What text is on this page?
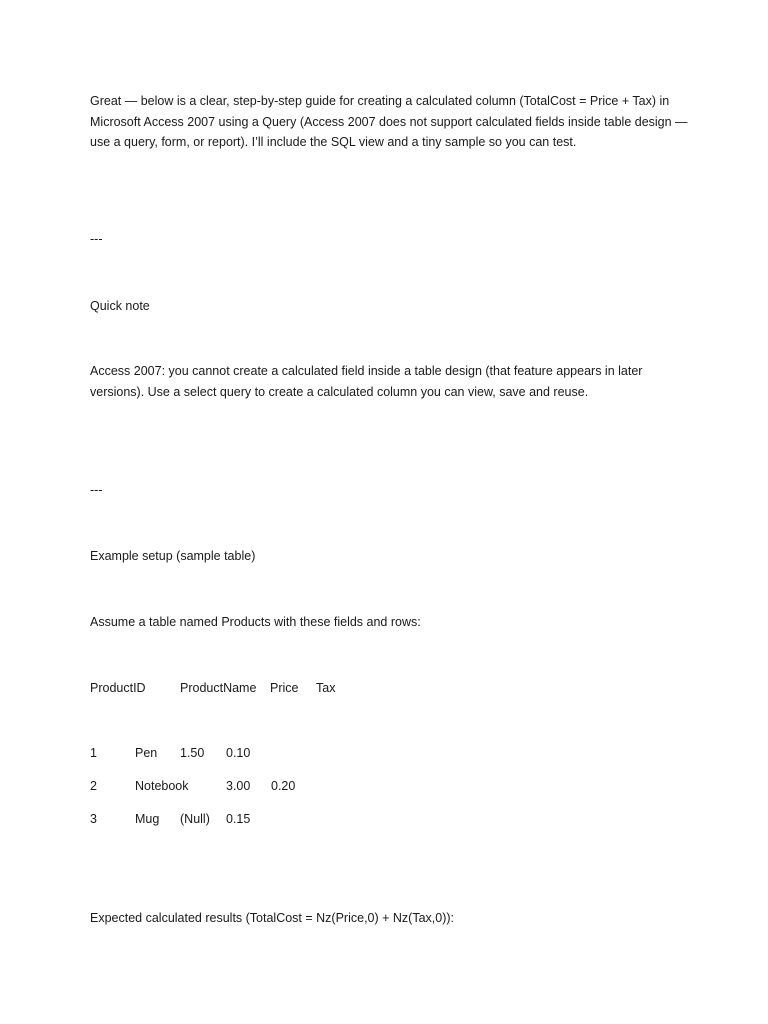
Great — below is a clear, step-by-step guide for creating a calculated column (TotalCost = Price + Tax) in Microsoft Access 2007 using a Query (Access 2007 does not support calculated fields inside table design — use a query, form, or report). I’ll include the SQL view and a tiny sample so you can test.
---
Quick note
Access 2007: you cannot create a calculated field inside a table design (that feature appears in later versions). Use a select query to create a calculated column you can view, save and reuse.
---
Example setup (sample table)
Assume a table named Products with these fields and rows:
ProductID	ProductName Price Tax
1	Pen 1.50 0.10
2	Notebook	3.00 0.20
3	Mug (Null) 0.15
Expected calculated results (TotalCost = Nz(Price,0) + Nz(Tax,0)):
